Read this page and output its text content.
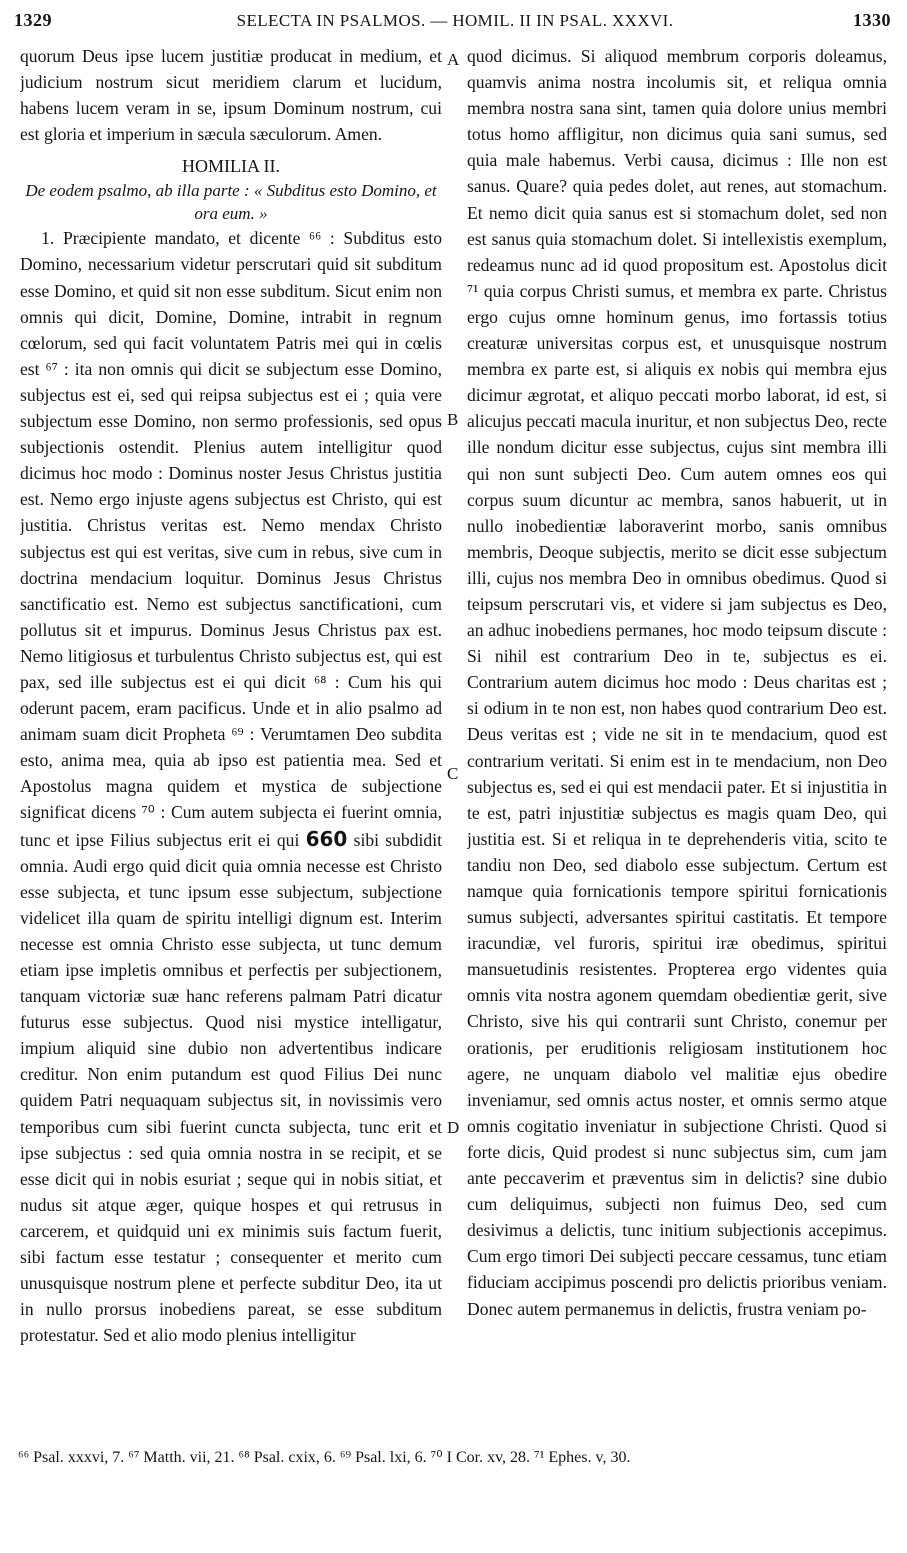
1329	SELECTA IN PSALMOS. — HOMIL. II IN PSAL. XXXVI.	1330

quorum Deus ipse lucem justitiæ producat in medium, et judicium nostrum sicut meridiem clarum et lucidum, habens lucem veram in se, ipsum Dominum nostrum, cui est gloria et imperium in sæcula sæculorum. Amen.

HOMILIA II.
De eodem psalmo, ab illa parte : « Subditus esto Domino, et ora eum. »

1. Præcipiente mandato, et dicente ⁶⁶ : Subditus esto Domino, necessarium videtur perscrutari quid sit subditum esse Domino, et quid sit non esse subditum. Sicut enim non omnis qui dicit, Domine, Domine, intrabit in regnum cœlorum, sed qui facit voluntatem Patris mei qui in cœlis est ⁶⁷ : ita non omnis qui dicit se subjectum esse Domino, subjectus est ei, sed qui reipsa subjectus est ei ; quia vere subjectum esse Domino, non sermo professionis, sed opus subjectionis ostendit. Plenius autem intelligitur quod dicimus hoc modo : Dominus noster Jesus Christus justitia est. Nemo ergo injuste agens subjectus est Christo, qui est justitia. Christus veritas est. Nemo mendax Christo subjectus est qui est veritas, sive cum in rebus, sive cum in doctrina mendacium loquitur. Dominus Jesus Christus sanctificatio est. Nemo est subjectus sanctificationi, cum pollutus sit et impurus. Dominus Jesus Christus pax est. Nemo litigiosus et turbulentus Christo subjectus est, qui est pax, sed ille subjectus est ei qui dicit ⁶⁸ : Cum his qui oderunt pacem, eram pacificus. Unde et in alio psalmo ad animam suam dicit Propheta ⁶⁹ : Verumtamen Deo subdita esto, anima mea, quia ab ipso est patientia mea. Sed et Apostolus magna quidem et mystica de subjectione significat dicens ⁷⁰ : Cum autem subjecta ei fuerint omnia, tunc et ipse Filius subjectus erit ei qui 660 sibi subdidit omnia. Audi ergo quid dicit quia omnia necesse est Christo esse subjecta, et tunc ipsum esse subjectum, subjectione videlicet illa quam de spiritu intelligi dignum est. Interim necesse est omnia Christo esse subjecta, ut tunc demum etiam ipse impletis omnibus et perfectis per subjectionem, tanquam victoriæ suæ hanc referens palmam Patri dicatur futurus esse subjectus. Quod nisi mystice intelligatur, impium aliquid sine dubio non advertentibus indicare creditur. Non enim putandum est quod Filius Dei nunc quidem Patri nequaquam subjectus sit, in novissimis vero temporibus cum sibi fuerint cuncta subjecta, tunc erit et ipse subjectus : sed quia omnia nostra in se recipit, et se esse dicit qui in nobis esuriat ; seque qui in nobis sitiat, et nudus sit atque æger, quique hospes et qui retrusus in carcerem, et quidquid uni ex minimis suis factum fuerit, sibi factum esse testatur ; consequenter et merito cum unusquisque nostrum plene et perfecte subditur Deo, ita ut in nullo prorsus inobediens pareat, se esse subditum protestatur. Sed et alio modo plenius intelligitur

A
B
C
D

quod dicimus. Si aliquod membrum corporis doleamus, quamvis anima nostra incolumis sit, et reliqua omnia membra nostra sana sint, tamen quia dolore unius membri totus homo affligitur, non dicimus quia sani sumus, sed quia male habemus. Verbi causa, dicimus : Ille non est sanus. Quare? quia pedes dolet, aut renes, aut stomachum. Et nemo dicit quia sanus est si stomachum dolet, sed non est sanus quia stomachum dolet. Si intellexistis exemplum, redeamus nunc ad id quod propositum est. Apostolus dicit ⁷¹ quia corpus Christi sumus, et membra ex parte. Christus ergo cujus omne hominum genus, imo fortassis totius creaturæ universitas corpus est, et unusquisque nostrum membra ex parte est, si aliquis ex nobis qui membra ejus dicimur ægrotat, et aliquo peccati morbo laborat, id est, si alicujus peccati macula inuritur, et non subjectus Deo, recte ille nondum dicitur esse subjectus, cujus sint membra illi qui non sunt subjecti Deo. Cum autem omnes eos qui corpus suum dicuntur ac membra, sanos habuerit, ut in nullo inobedientiæ laboraverint morbo, sanis omnibus membris, Deoque subjectis, merito se dicit esse subjectum illi, cujus nos membra Deo in omnibus obedimus. Quod si teipsum perscrutari vis, et videre si jam subjectus es Deo, an adhuc inobediens permanes, hoc modo teipsum discute : Si nihil est contrarium Deo in te, subjectus es ei. Contrarium autem dicimus hoc modo : Deus charitas est ; si odium in te non est, non habes quod contrarium Deo est. Deus veritas est ; vide ne sit in te mendacium, quod est contrarium veritati. Si enim est in te mendacium, non Deo subjectus es, sed ei qui est mendacii pater. Et si injustitia in te est, patri injustitiæ subjectus es magis quam Deo, qui justitia est. Si et reliqua in te deprehenderis vitia, scito te tandiu non Deo, sed diabolo esse subjectum. Certum est namque quia fornicationis tempore spiritui fornicationis sumus subjecti, adversantes spiritui castitatis. Et tempore iracundiæ, vel furoris, spiritui iræ obedimus, spiritui mansuetudinis resistentes. Propterea ergo videntes quia omnis vita nostra agonem quemdam obedientiæ gerit, sive Christo, sive his qui contrarii sunt Christo, conemur per orationis, per eruditionis religiosam institutionem hoc agere, ne unquam diabolo vel malitiæ ejus obedire inveniamur, sed omnis actus noster, et omnis sermo atque omnis cogitatio inveniatur in subjectione Christi. Quod si forte dicis, Quid prodest si nunc subjectus sim, cum jam ante peccaverim et præventus sim in delictis? sine dubio cum deliquimus, subjecti non fuimus Deo, sed cum desivimus a delictis, tunc initium subjectionis accepimus. Cum ergo timori Dei subjecti peccare cessamus, tunc etiam fiduciam accipimus poscendi pro delictis prioribus veniam. Donec autem permanemus in delictis, frustra veniam po-

⁶⁶ Psal. xxxvi, 7. ⁶⁷ Matth. vii, 21. ⁶⁸ Psal. cxix, 6. ⁶⁹ Psal. lxi, 6. ⁷⁰ I Cor. xv, 28. ⁷¹ Ephes. v, 30.
